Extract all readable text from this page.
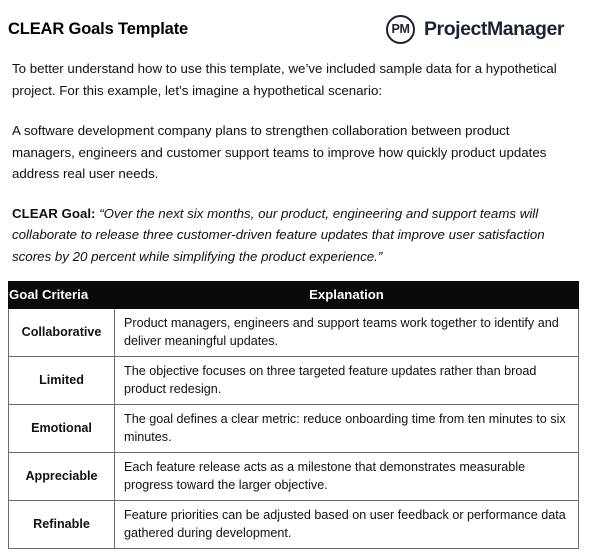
CLEAR Goals Template	PM ProjectManager

To better understand how to use this template, we’ve included sample data for a hypothetical project. For this example, let’s imagine a hypothetical scenario:

A software development company plans to strengthen collaboration between product managers, engineers and customer support teams to improve how quickly product updates address real user needs.

CLEAR Goal: “Over the next six months, our product, engineering and support teams will collaborate to release three customer-driven feature updates that improve user satisfaction scores by 20 percent while simplifying the product experience.”

Goal Criteria	Explanation
Collaborative	Product managers, engineers and support teams work together to identify and deliver meaningful updates.
Limited	The objective focuses on three targeted feature updates rather than broad product redesign.
Emotional	The goal defines a clear metric: reduce onboarding time from ten minutes to six minutes.
Appreciable	Each feature release acts as a milestone that demonstrates measurable progress toward the larger objective.
Refinable	Feature priorities can be adjusted based on user feedback or performance data gathered during development.
